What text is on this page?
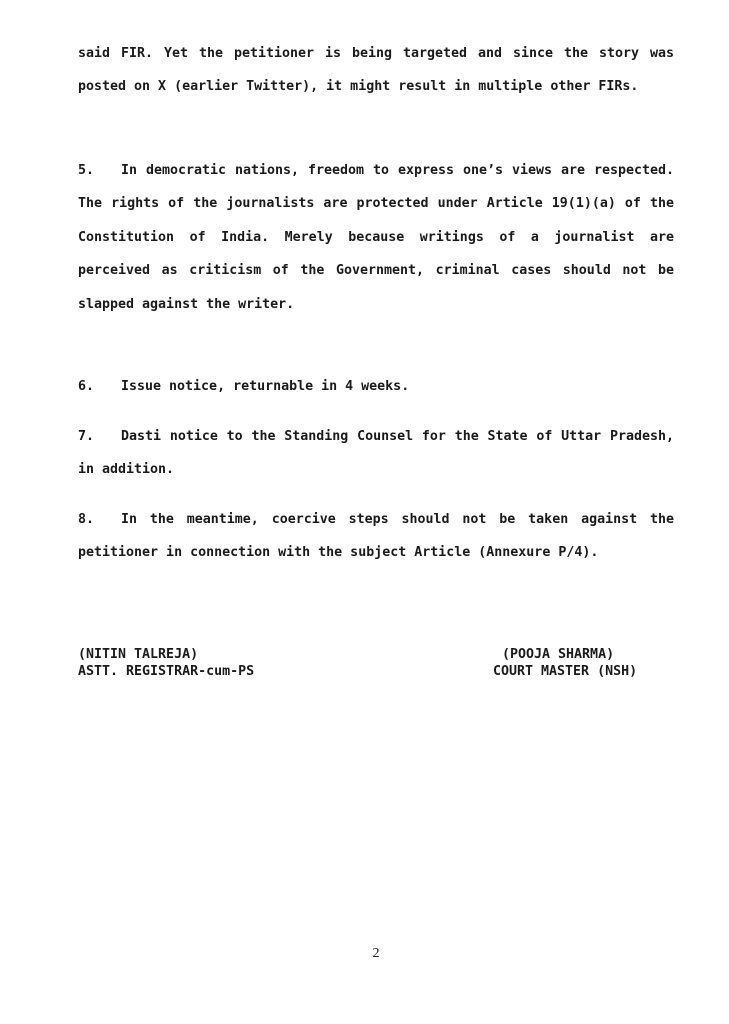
said FIR. Yet the petitioner is being targeted and since the story was posted on X (earlier Twitter), it might result in multiple other FIRs.

5. In democratic nations, freedom to express one’s views are respected. The rights of the journalists are protected under Article 19(1)(a) of the Constitution of India. Merely because writings of a journalist are perceived as criticism of the Government, criminal cases should not be slapped against the writer.

6. Issue notice, returnable in 4 weeks.

7. Dasti notice to the Standing Counsel for the State of Uttar Pradesh, in addition.

8. In the meantime, coercive steps should not be taken against the petitioner in connection with the subject Article (Annexure P/4).

(NITIN TALREJA)
ASTT. REGISTRAR-cum-PS
(POOJA SHARMA)
COURT MASTER (NSH)
2
